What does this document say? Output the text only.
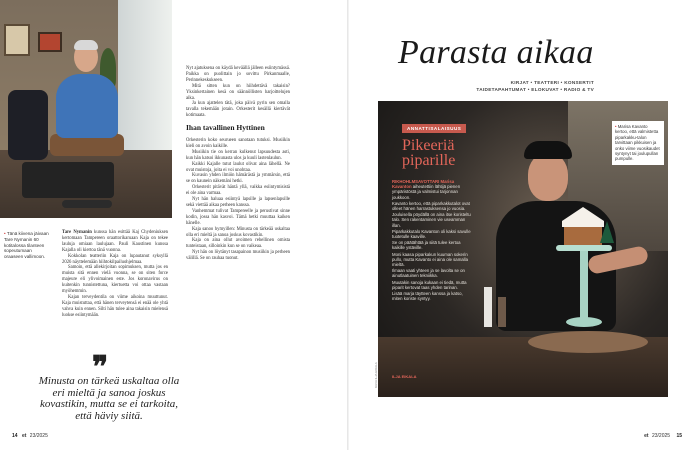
• Tänä kiivena jäivaan Tare Nymanin 60 kotitalossa tilanteen sopeutumaan oraaseen vallimoon.

Tare Nymanin kunssa hän esittää Kaj Chydeniuksen kertomaan Tampereen oraattorikaruaan Kaja on tekee lauluja omiaan laulujaan. Pauli Kaustinen kunssa Kajalla oli kiertoa tänä vuonna.

Kokkolan teatteriin Kaja on lupautanut syksyllä 2026 näyttelemään hiihtokilpailuohjelmaa.

Samoin, että allekirjoitan sopimuksen, mutta jos en muista sitä ennen vielä vuonna, se on siten force majeure eli ylivoimainen este. Jos koronavirus on kuitenkin tunnistettuna, kiertuetta voi ottaa vastaan myöhemmin.

Kajan terveydentila on viime aikoina muuttunut. Kaja muistuttaa, että hänen terveytensä ei enää ole yhtä vahva kuin ennen. Silti hän tulee aina takaisin mielensä luokse esiintymään.

Nyt ajatuksena on käydä keväällä jälleen esiintymässä. Paikka on puolittain jo sovittu Pirkanmaalle, Perinnekeskukseen.

Mitä sitten kun on hiihdettävä takaisin? Yksinkertainen kesä on säännöllisten harjoittelujen aika.

Ja kun ajattelen tätä, joka päivä pyrin sen omalla tavalla tekemään jotain. Orkesterit kesällä kiertävät kotimaata.

Ihan tavallinen Hyttinen

Orkesterin koko seurueen sanotaan tutuksi. Musiikin kieli on avoin kaikille.

Musiikin tie on kerran kulkenut lapsuudesta asti, kun hän katsoi ikkunasta ulos ja kuuli lastenlaulun.

Kaikki Kajalle tutut laulut olivat aina lähellä. Ne ovat muistoja, joita ei voi unohtaa.

Kuvasin yhden ilmiön hämärästä ja ymmärsin, että se on kaunein näkemäni hetki.

Orkesterit pitävät häntä yllä, vaikka esiintymisistä ei ole aina varmaa.

Nyt hän haluaa esiintyä lapsille ja lapsenlapsille sekä viettää aikaa perheen kanssa.

Vanhemmat tulivat Tampereelle ja perustivat sinne kodin, jossa hän kasvoi. Tämä hetki muuttaa kaiken hänelle.

Kaja sanoo hymyillen: Minusta on tärkeää uskaltaa olla eri mieltä ja sanoa joskus kovastikin.

Kaja on aina ollut avoimen rehellinen omista tunteistaan, silloinkin kun se on vaikeaa.

Nyt hän on löytänyt tasapainon musiikin ja perheen välillä. Se on rauhaa tuonut.

❞
Minusta on tärkeä uskaltaa olla eri mieltä ja sanoa joskus kovastikin, mutta se ei tarkoita, että häviy siitä.
14 et 23/2025
Parasta aikaa
KIRJAT • TEATTERI • KONSERTIT
TAIDETAPAHTUMAT • ELOKUVAT • RADIO & TV
ANNATTISALAISUUS
Pikeeriä piparille

RIKHOHLMSAVOTTARI Marisa Kavanton aiheutettiin lähtijä pienen ympäristöstä ja valmistui tarjonnan joukkoon.

Kavanto kertoo, että piparkakkutalot ovat olleet hänen harrastuksensa jo vuosia.

Jouluisella pöydällä on aina itse koristeltu talo. Sen rakentaminen vie useamman illan.

Piparkakkutalo Kavanton oli kaksi savulle tuotetulle kaaville.

Se on päätähtää ja siitä tulee kertoa kaikille ystäville.

Moni kaasa piparkakun kuuman sokerin pullo, mutta Kavanto ei aina ole samalla mieltä.

Ilmaan vaati yhteen ja se lavolta se on ainutlaatuinen tekniikka.

Muutakin sanoja kukaan ei tiedä, mutta piparit kertovat taas yhden tarinan.

Lisää marja täytteen kanssa ja katso, miten koriste syntyy.

ILJA EIKALA
• Marisa Kavanto kertoo, että valmistetta piparkakku-talon tarvittaan pikkuisen ja onko viime vuosikaudet syntynyt tai joulupullan pumpulle.
KUVA ILJA EIKALA
et 23/2025 15
